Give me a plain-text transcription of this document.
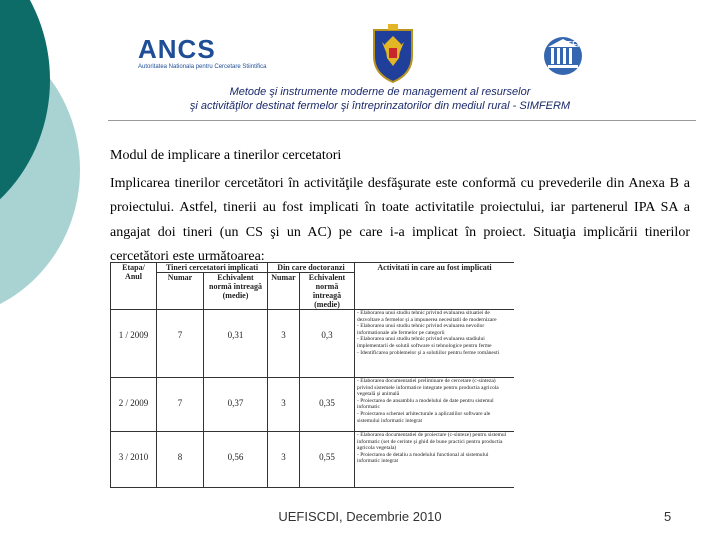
ANCS
Autoritatea Nationala pentru Cercetare Stiintifica
UEFISCDI
Metode şi instrumente moderne de management al resurselor
şi activităţilor destinat fermelor şi întreprinzatorilor din mediul rural - SIMFERM
Modul de implicare a tinerilor cercetatori

Implicarea tinerilor cercetători în activităţile desfăşurate este conformă cu prevederile din Anexa B a proiectului. Astfel, tinerii au fost implicati în toate activitatile proiectului, iar partenerul IPA SA a angajat doi tineri (un CS şi un AC) pe care i-a implicat în proiect. Situaţia implicării tinerilor cercetători este următoarea:

Etapa/ Anul	Tineri cercetatori implicati		Din care doctoranzi		Activitati in care au fost implicati
	Numar	Echivalent normă întreagă (medie)	Numar	Echivalent normă întreagă (medie)	
1 / 2009	7	0,31	3	0,3	- Elaborarea unui studiu tehnic privind evaluarea situatiei de dezvoltare a fermelor şi a impunerea necesitatii de modernizare
- Elaborarea unui studiu tehnic privind evaluarea nevoilor informationale ale fermelor pe categorii
- Elaborarea unui studiu tehnic privind evaluarea stadiului implementarii de solutii software si tehnologice pentru ferme
- Identificarea problemelor şi a solutiilor pentru ferme românesti

2 / 2009	7	0,37	3	0,35	- Elaborarea documentatiei preliminare de cercetare (c-sinteza) privind sistemele informatice integrate pentru productia agricola vegetală şi animală
- Proiectarea de ansamblu a modelului de date pentru sistemul informatic
- Proiectarea schemei arhitecturale a aplicatiilor software ale sistemului informatic integrat

3 / 2010	8	0,56	3	0,55	- Elaborarea documentatiei de proiectare (c-sinteze) pentru sistemul informatic (set de cerinte şi ghid de bune practici pentru productia agricola vegetala)
- Proiectarea de detaliu a modelului functional al sistemului informatic integrat
UEFISCDI, Decembrie 2010	5
